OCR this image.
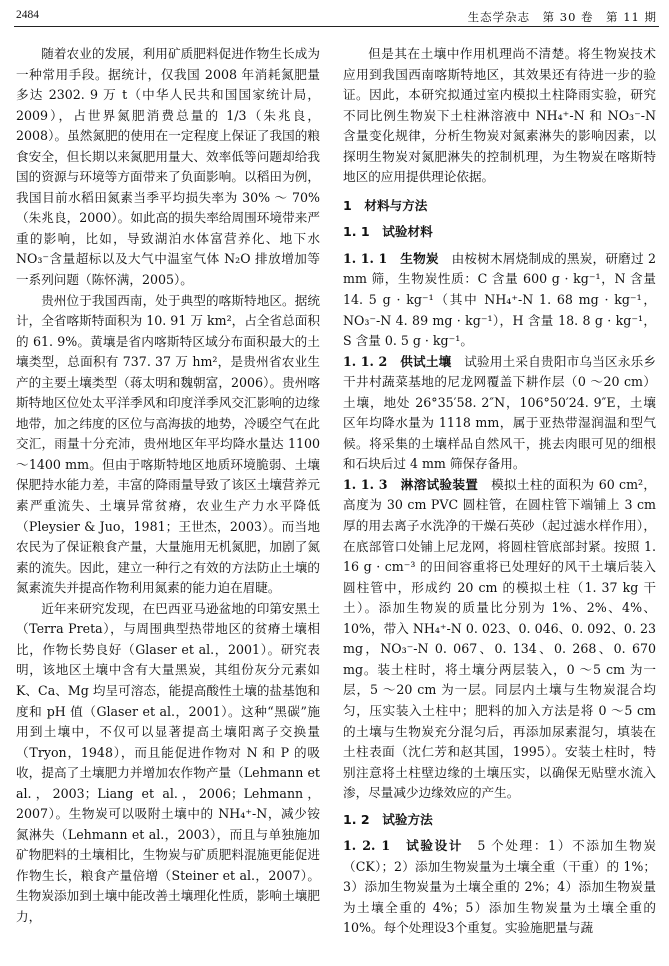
2484	生态学杂志　第 30 卷　第 11 期

随着农业的发展，利用矿质肥料促进作物生长成为一种常用手段。据统计，仅我国 2008 年消耗氮肥量多达 2302. 9 万 t（中华人民共和国国家统计局，2009），占世界氮肥消费总量的 1/3（朱兆良，2008）。虽然氮肥的使用在一定程度上保证了我国的粮食安全，但长期以来氮肥用量大、效率低等问题却给我国的资源与环境等方面带来了负面影响。以稻田为例，我国目前水稻田氮素当季平均损失率为 30% ～ 70%（朱兆良，2000）。如此高的损失率给周围环境带来严重的影响，比如，导致湖泊水体富营养化、地下水 NO₃⁻含量超标以及大气中温室气体 N₂O 排放增加等一系列问题（陈怀满，2005）。

贵州位于我国西南，处于典型的喀斯特地区。据统计，全省喀斯特面积为 10. 91 万 km²，占全省总面积的 61. 9%。黄壤是省内喀斯特区域分布面积最大的土壤类型，总面积有 737. 37 万 hm²，是贵州省农业生产的主要土壤类型（蒋太明和魏朝富，2006）。贵州喀斯特地区位处太平洋季风和印度洋季风交汇影响的边缘地带，加之纬度的区位与高海拔的地势，冷暖空气在此交汇，雨量十分充沛，贵州地区年平均降水量达 1100 ～1400 mm。但由于喀斯特地区地质环境脆弱、土壤保肥持水能力差，丰富的降雨量导致了该区土壤营养元素严重流失、土壤异常贫瘠，农业生产力水平降低（Pleysier & Juo，1981；王世杰，2003）。而当地农民为了保证粮食产量，大量施用无机氮肥，加剧了氮素的流失。因此，建立一种行之有效的方法防止土壤的氮素流失并提高作物利用氮素的能力迫在眉睫。

近年来研究发现，在巴西亚马逊盆地的印第安黑土（Terra Preta），与周围典型热带地区的贫瘠土壤相比，作物长势良好（Glaser et al.，2001）。研究表明，该地区土壤中含有大量黑炭，其组份灰分元素如 K、Ca、Mg 均呈可溶态，能提高酸性土壤的盐基饱和度和 pH 值（Glaser et al.，2001）。这种“黑碳”施用到土壤中，不仅可以显著提高土壤阳离子交换量（Tryon，1948），而且能促进作物对 N 和 P 的吸收，提高了土壤肥力并增加农作物产量（Lehmann et al.，2003；Liang et al.，2006；Lehmann，2007）。生物炭可以吸附土壤中的 NH₄⁺-N，减少铵氮淋失（Lehmann et al.，2003），而且与单独施加矿物肥料的土壤相比，生物炭与矿质肥料混施更能促进作物生长，粮食产量倍增（Steiner et al.，2007）。生物炭添加到土壤中能改善土壤理化性质，影响土壤肥力，

但是其在土壤中作用机理尚不清楚。将生物炭技术应用到我国西南喀斯特地区，其效果还有待进一步的验证。因此，本研究拟通过室内模拟土柱降雨实验，研究不同比例生物炭下土柱淋溶液中 NH₄⁺-N 和 NO₃⁻-N 含量变化规律，分析生物炭对氮素淋失的影响因素，以探明生物炭对氮肥淋失的控制机理，为生物炭在喀斯特地区的应用提供理论依据。

1　材料与方法
1. 1　试验材料

1. 1. 1　生物炭　由桉树木屑烧制成的黑炭，研磨过 2 mm 筛，生物炭性质：C 含量 600 g · kg⁻¹，N 含量 14. 5 g · kg⁻¹（其中 NH₄⁺-N 1. 68 mg · kg⁻¹，NO₃⁻-N 4. 89 mg · kg⁻¹），H 含量 18. 8 g · kg⁻¹，S 含量 0. 5 g · kg⁻¹。

1. 1. 2　供试土壤　试验用土采自贵阳市乌当区永乐乡干井村蔬菜基地的尼龙网覆盖下耕作层（0 ～20 cm）土壤，地处 26°35′58. 2″N，106°50′24. 9″E，土壤区年均降水量为 1118 mm，属于亚热带湿润温和型气候。将采集的土壤样品自然风干，挑去肉眼可见的细根和石块后过 4 mm 筛保存备用。

1. 1. 3　淋溶试验装置　模拟土柱的面积为 60 cm²，高度为 30 cm PVC 圆柱管，在圆柱管下端铺上 3 cm 厚的用去离子水洗净的干燥石英砂（起过滤水样作用），在底部管口处铺上尼龙网，将圆柱管底部封紧。按照 1. 16 g · cm⁻³ 的田间容重将已处理好的风干土壤后装入圆柱管中，形成约 20 cm 的模拟土柱（1. 37 kg 干土）。添加生物炭的质量比分别为 1%、2%、4%、10%，带入 NH₄⁺-N 0. 023、0. 046、0. 092、0. 23 mg，NO₃⁻-N 0. 067、0. 134、0. 268、0. 670 mg。装土柱时，将土壤分两层装入，0 ～5 cm 为一层，5 ～20 cm 为一层。同层内土壤与生物炭混合均匀，压实装入土柱中；肥料的加入方法是将 0 ～5 cm 的土壤与生物炭充分混匀后，再添加尿素混匀，填装在土柱表面（沈仁芳和赵其国，1995）。安装土柱时，特别注意将土柱壁边缘的土壤压实，以确保无贴壁水流入渗，尽量减少边缘效应的产生。

1. 2　试验方法

1. 2. 1　试验设计　5 个处理：1）不添加生物炭（CK）；2）添加生物炭量为土壤全重（干重）的 1%；3）添加生物炭量为土壤全重的 2%；4）添加生物炭量为土壤全重的 4%；5）添加生物炭量为土壤全重的10%。每个处理设3个重复。实验施肥量与蔬
